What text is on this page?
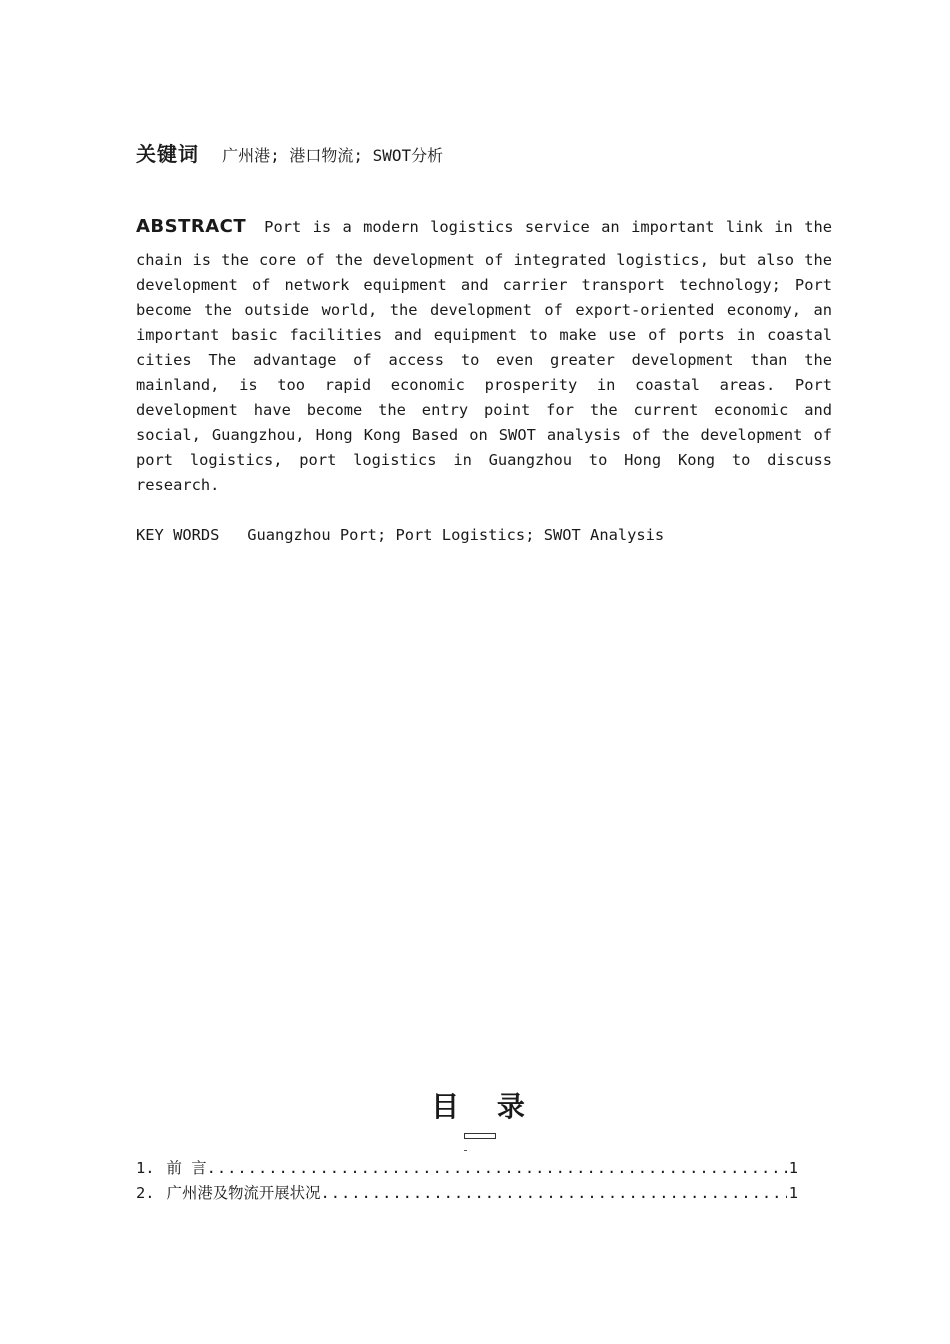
关键词 广州港; 港口物流; SWOT分析
ABSTRACT Port is a modern logistics service an important link in the
chain is the core of the development of integrated logistics, but also the development of network equipment and carrier transport technology; Port become the outside world, the development of export-oriented economy, an important basic facilities and equipment to make use of ports in coastal cities The advantage of access to even greater development than the mainland, is too rapid economic prosperity in coastal areas. Port development have become the entry point for the current economic and social, Guangzhou, Hong Kong Based on SWOT analysis of the development of port logistics, port logistics in Guangzhou to Hong Kong to discuss research.
KEY WORDS Guangzhou Port; Port Logistics; SWOT Analysis
目 录
1. 前 言 .....	1
2. 广州港及物流开展状况 .....	1
